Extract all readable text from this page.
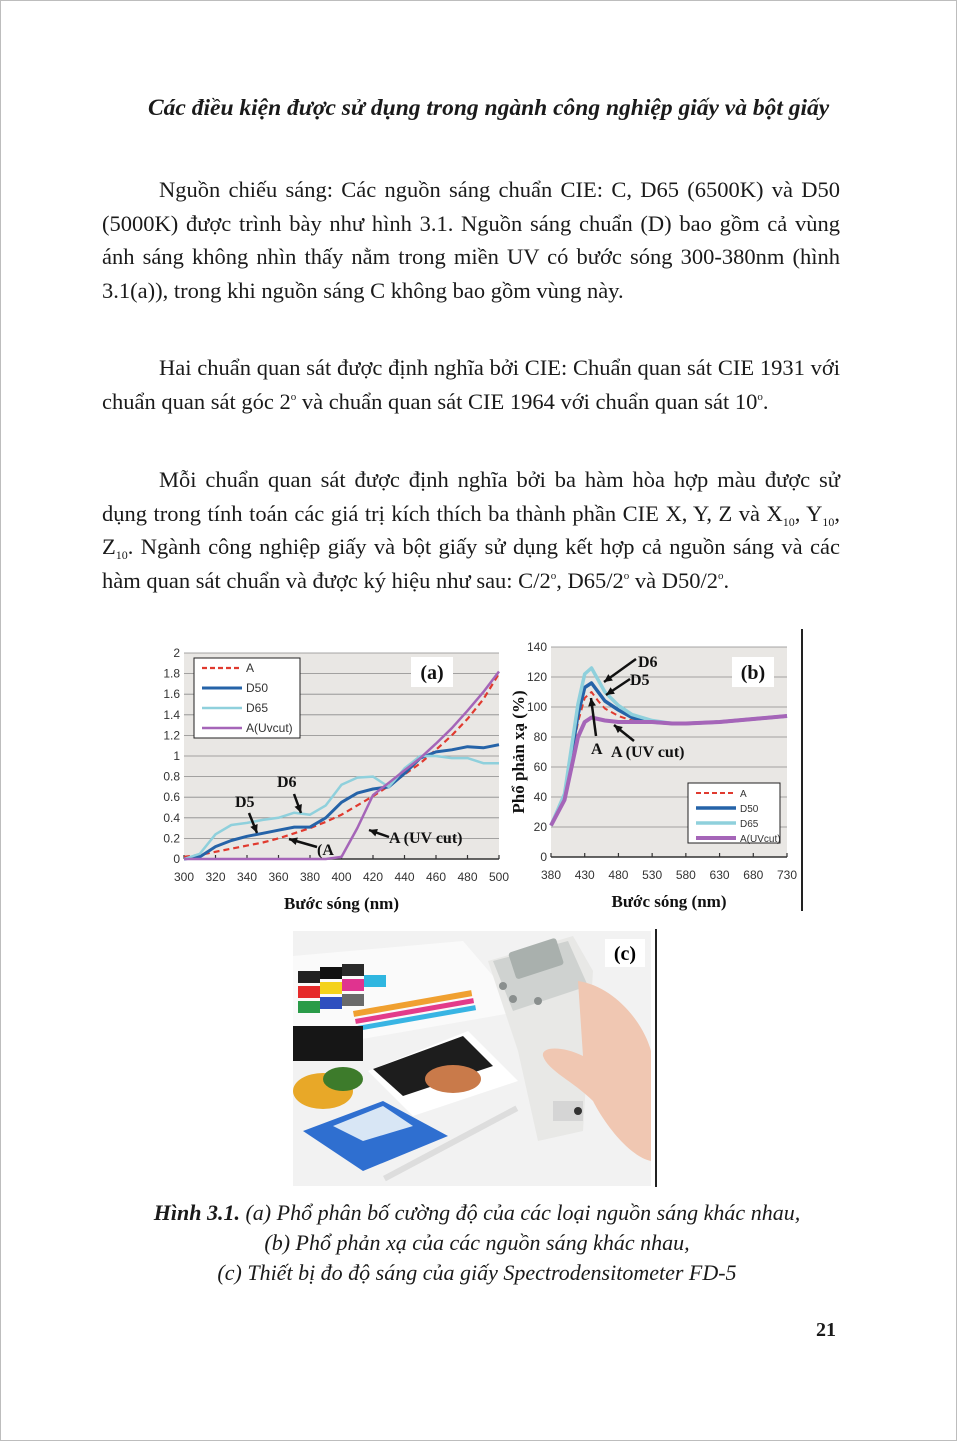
Các điều kiện được sử dụng trong ngành công nghiệp giấy và bột giấy

Nguồn chiếu sáng: Các nguồn sáng chuẩn CIE: C, D65 (6500K) và D50 (5000K) được trình bày như hình 3.1. Nguồn sáng chuẩn (D) bao gồm cả vùng ánh sáng không nhìn thấy nằm trong miền UV có bước sóng 300-380nm (hình 3.1(a)), trong khi nguồn sáng C không bao gồm vùng này.

Hai chuẩn quan sát được định nghĩa bởi CIE: Chuẩn quan sát CIE 1931 với chuẩn quan sát góc 2$^o$ và chuẩn quan sát CIE 1964 với chuẩn quan sát 10$^o$.

Mỗi chuẩn quan sát được định nghĩa bởi ba hàm hòa hợp màu được sử dụng trong tính toán các giá trị kích thích ba thành phần CIE X, Y, Z và $X_{10}$, $Y_{10}$, $Z_{10}$. Ngành công nghiệp giấy và bột giấy sử dụng kết hợp cả nguồn sáng và các hàm quan sát chuẩn và được ký hiệu như sau: C/2$^o$, D65/2$^o$ và D50/2$^o$.

0
0.2
0.4
0.6
0.8
1
1.2
1.4
1.6
1.8
2
300 320 340 360 380 400 420 440 460 480 500
Bước sóng (nm)
A
D50
D65
A(Uvcut)
(a)
D6
D5
(A
A (UV cut)
0
20
40
60
80
100
120
140
380 430 480 530 580 630 680 730
Bước sóng (nm)
Phổ phản xạ (%)	A
D50
D65
A(UVcut)
(b)
D6
D5
A A (UV cut)
(c)
Hình 3.1. (a) Phổ phân bố cường độ của các loại nguồn sáng khác nhau,
(b) Phổ phản xạ của các nguồn sáng khác nhau,
(c) Thiết bị đo độ sáng của giấy Spectrodensitometer FD-5
21
